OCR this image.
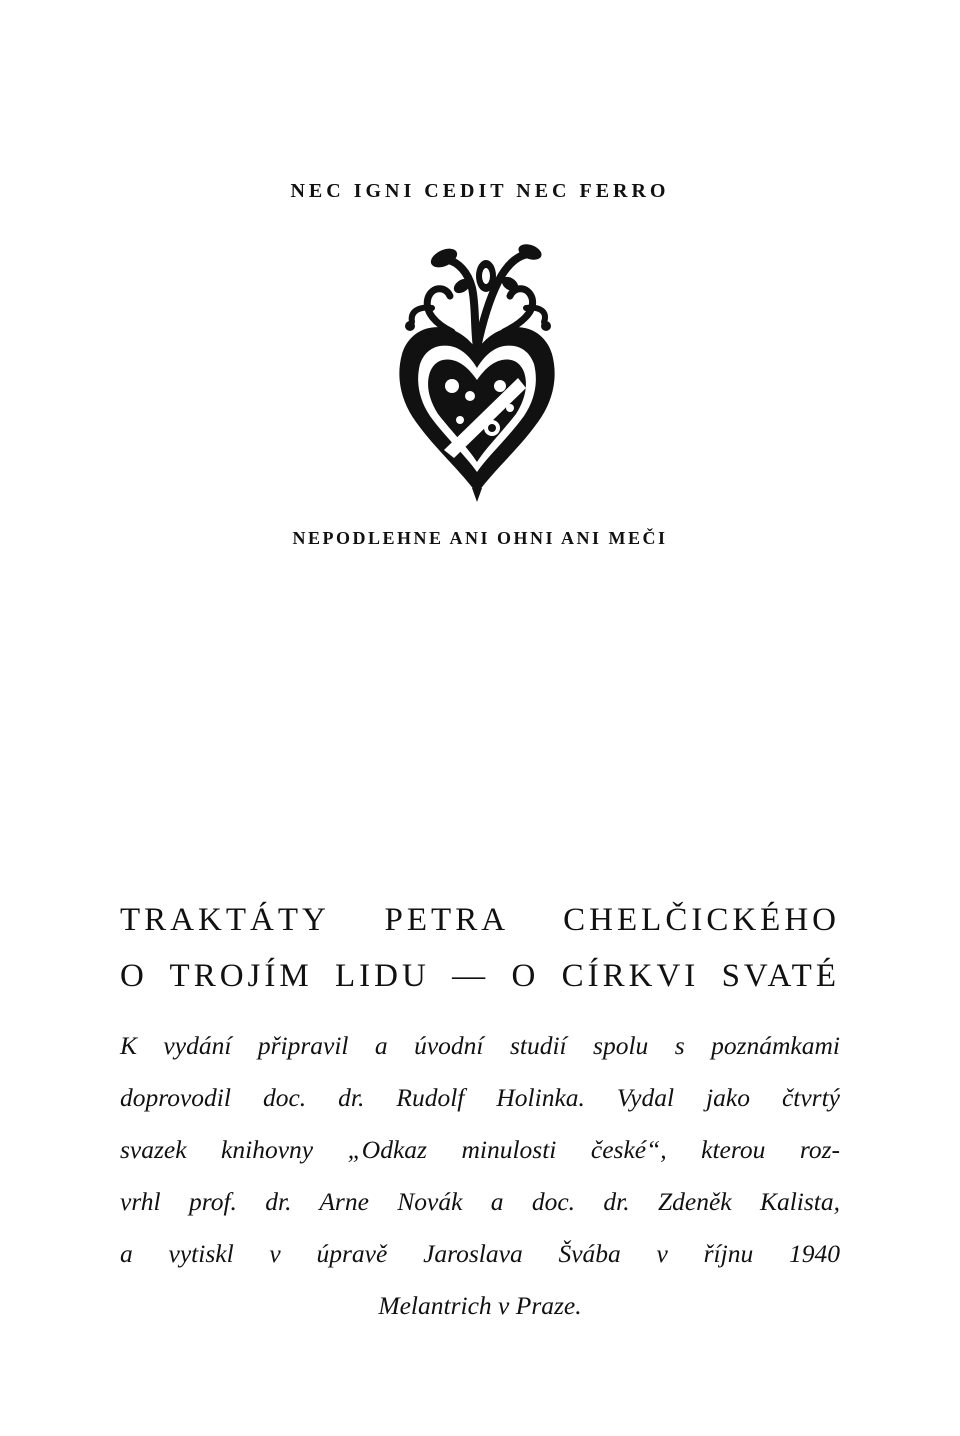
NEC IGNI CEDIT NEC FERRO

NEPODLEHNE ANI OHNI ANI MEČI

TRAKTÁTY PETRA CHELČICKÉHO
O TROJÍM LIDU — O CÍRKVI SVATÉ
K vydání připravil a úvodní studií spolu s poznámkami
doprovodil doc. dr. Rudolf Holinka. Vydal jako čtvrtý
svazek knihovny „Odkaz minulosti české“, kterou roz-
vrhl prof. dr. Arne Novák a doc. dr. Zdeněk Kalista,
a vytiskl v úpravě Jaroslava Švába v říjnu 1940
Melantrich v Praze.
